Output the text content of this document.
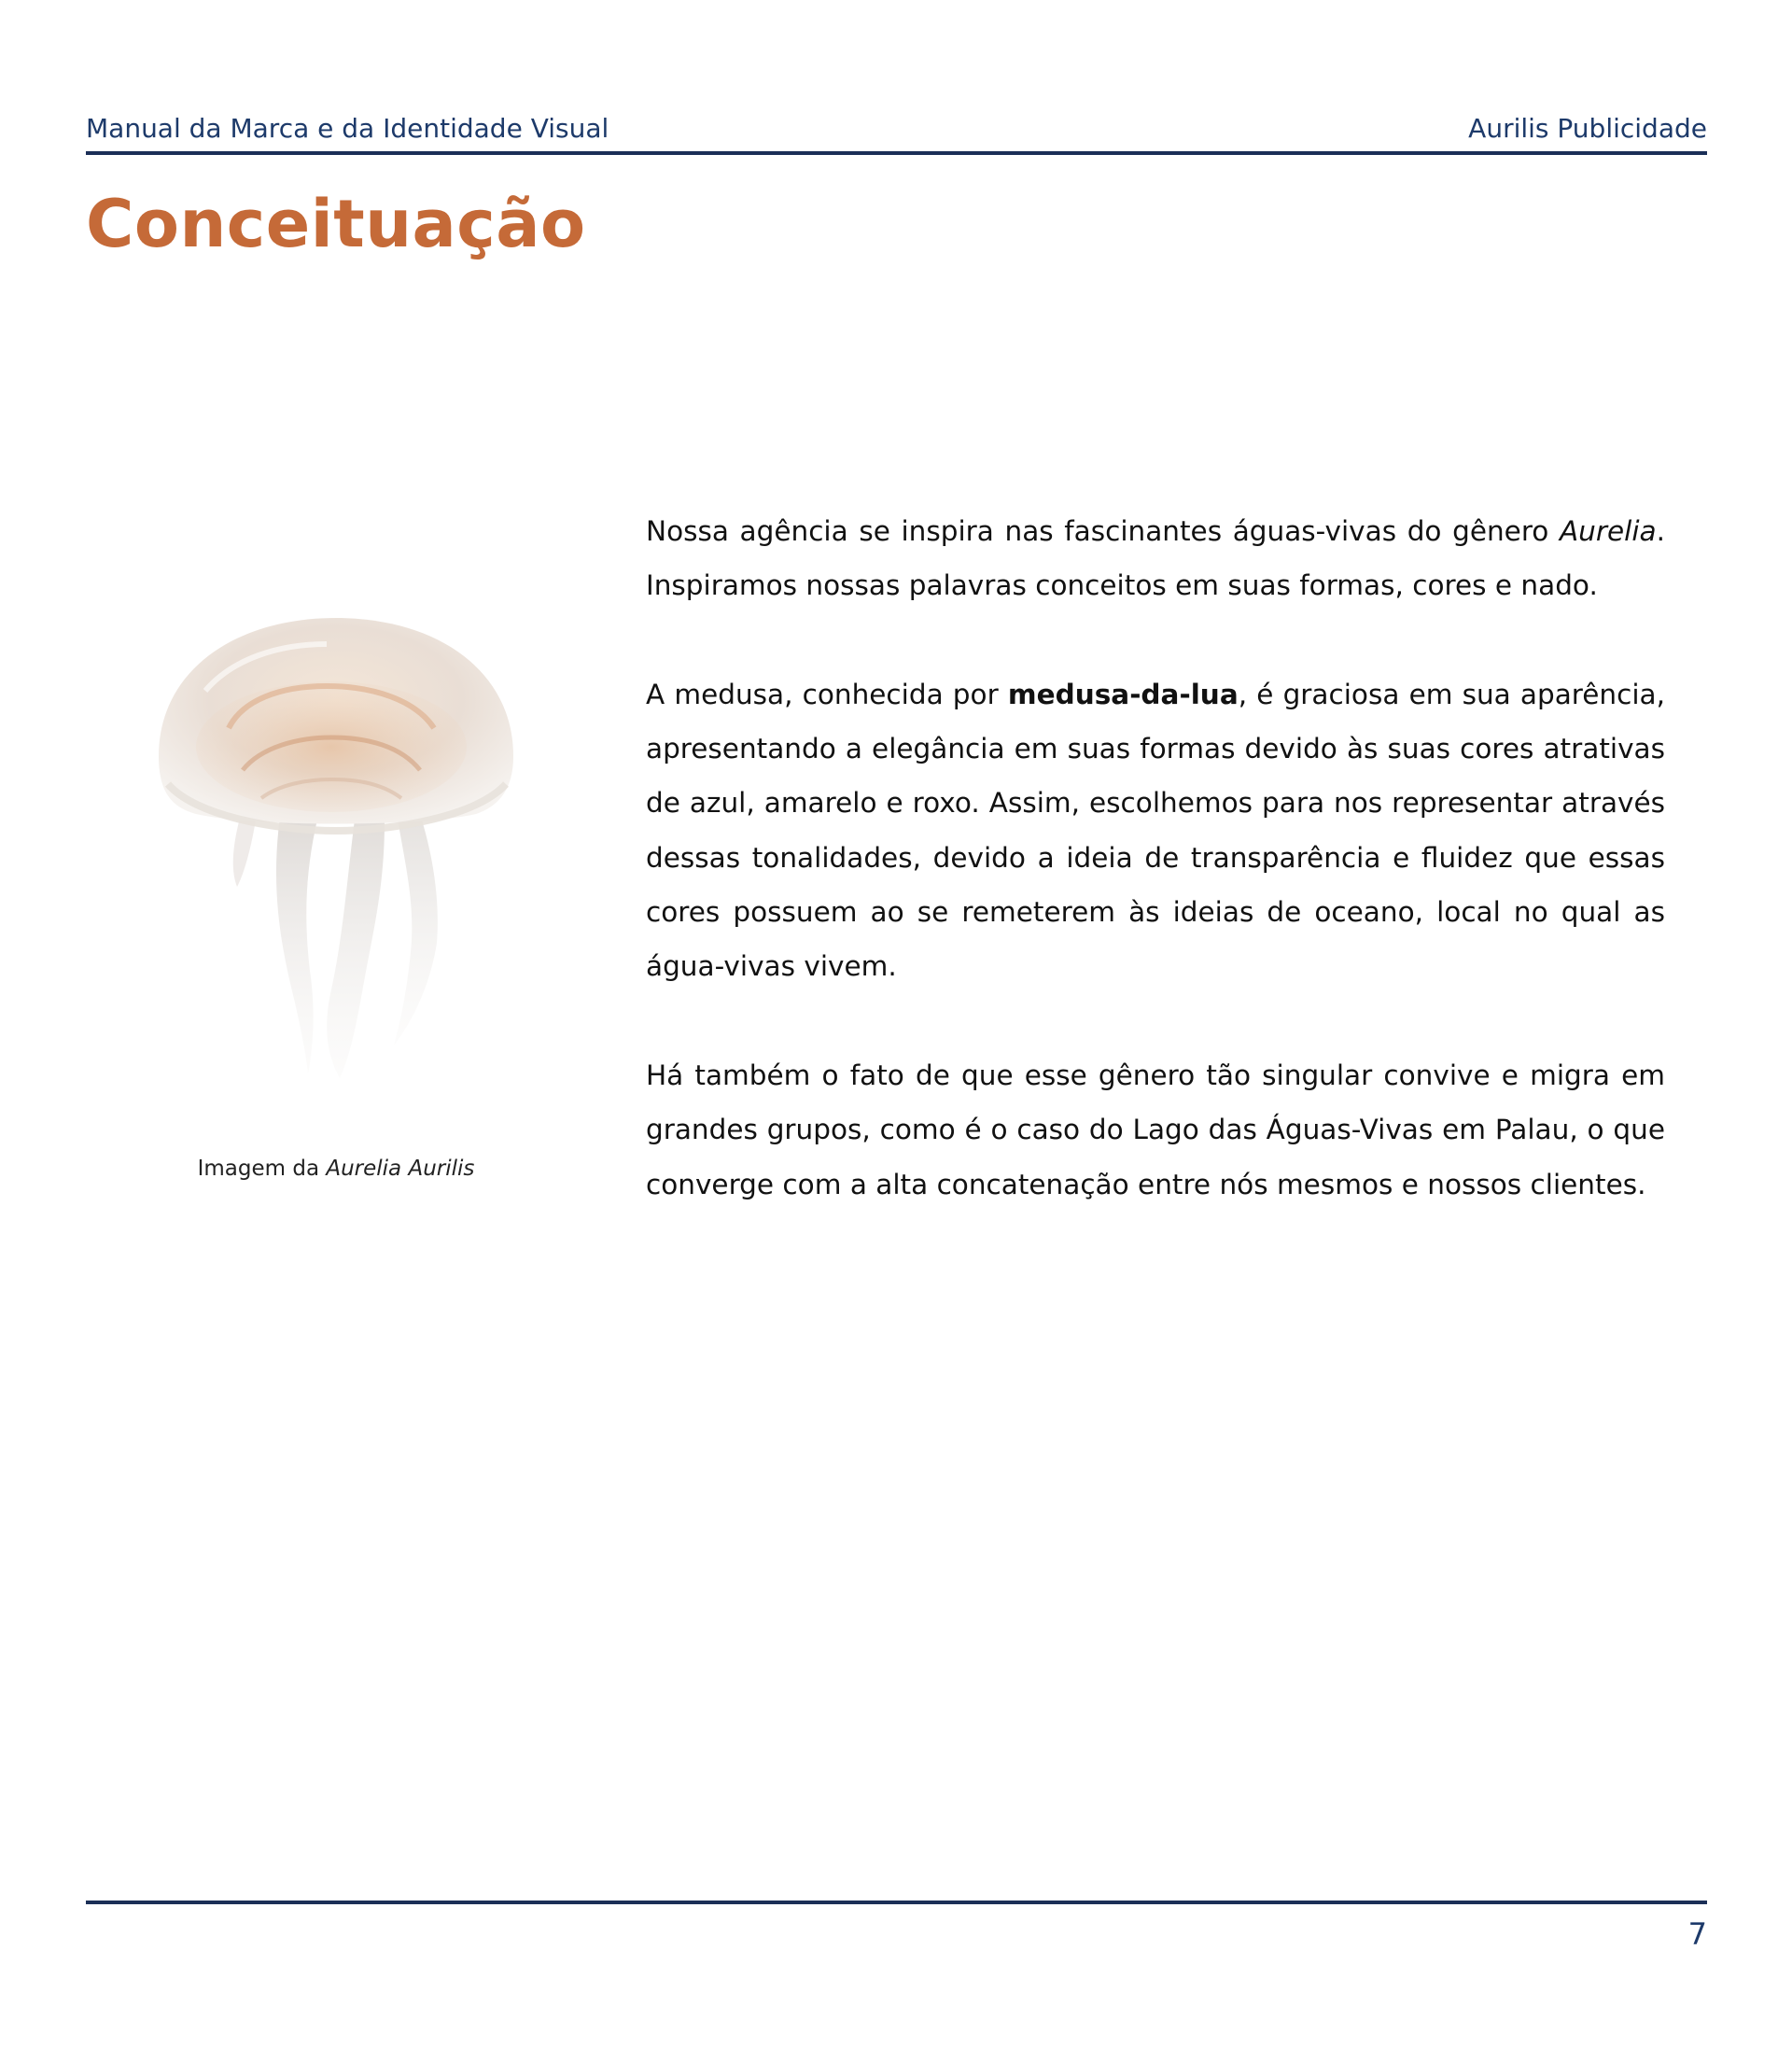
Manual da Marca e da Identidade Visual	Aurilis Publicidade
Conceituação
Imagem da Aurelia Aurilis

Nossa agência se inspira nas fascinantes águas-vivas do gênero Aurelia. Inspiramos nossas palavras conceitos em suas formas, cores e nado.

A medusa, conhecida por medusa-da-lua, é graciosa em sua aparência, apresentando a elegância em suas formas devido às suas cores atrativas de azul, amarelo e roxo. Assim, escolhemos para nos representar através dessas tonalidades, devido a ideia de transparência e fluidez que essas cores possuem ao se remeterem às ideias de oceano, local no qual as água-vivas vivem.

Há também o fato de que esse gênero tão singular convive e migra em grandes grupos, como é o caso do Lago das Águas-Vivas em Palau, o que converge com a alta concatenação entre nós mesmos e nossos clientes.

7
